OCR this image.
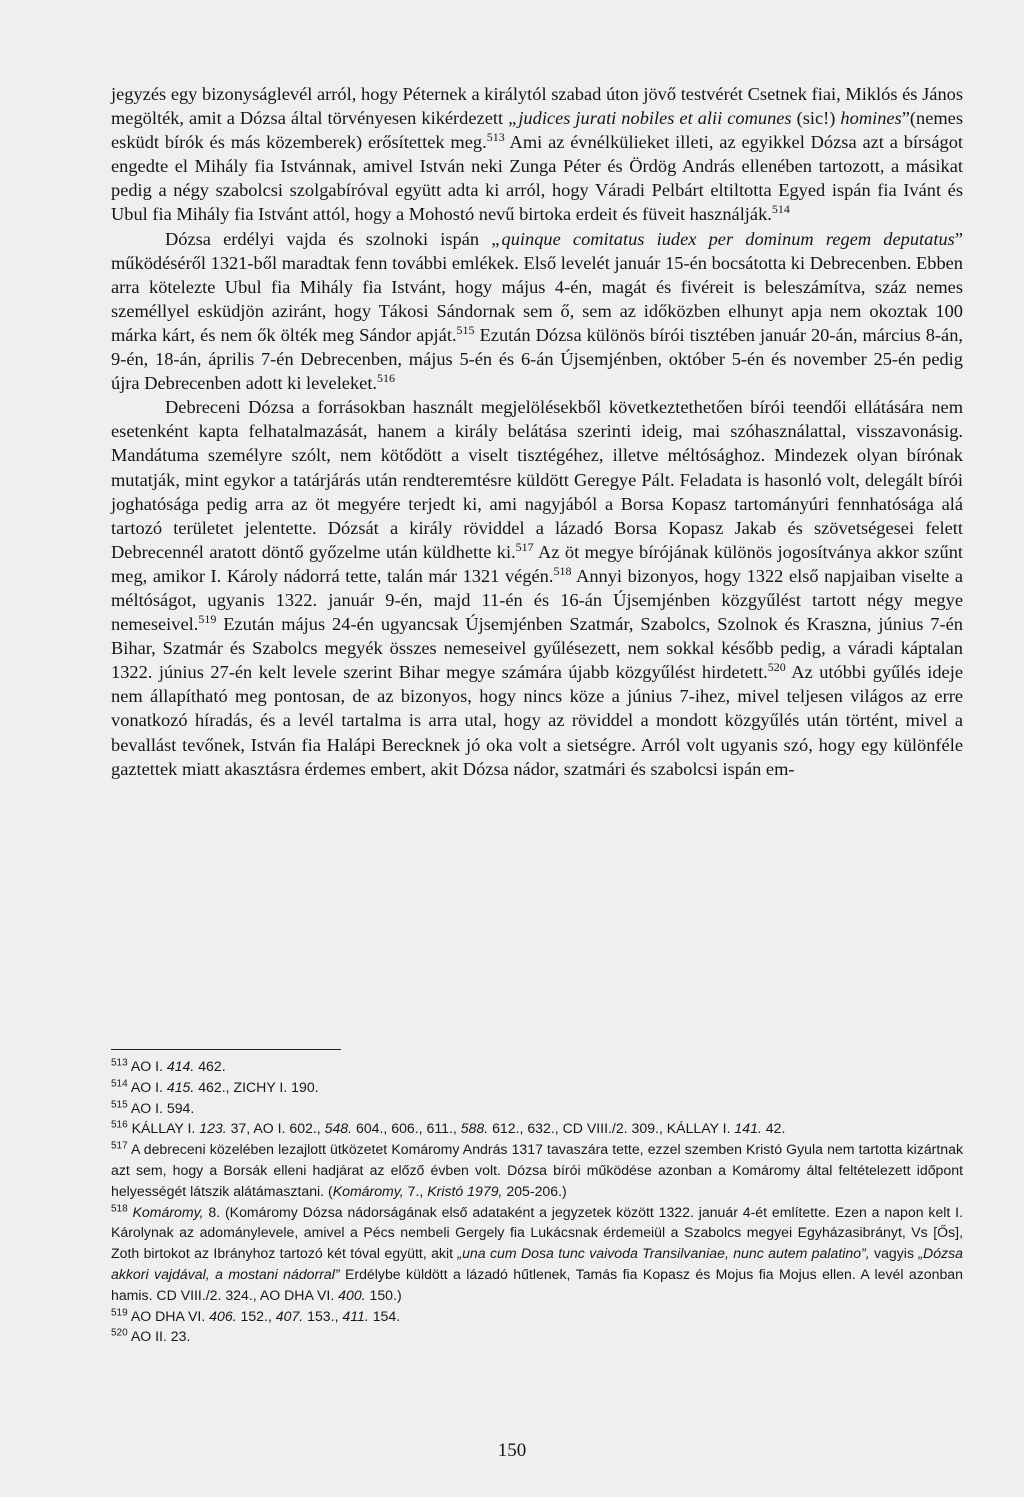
jegyzés egy bizonyságlevél arról, hogy Péternek a királytól szabad úton jövő testvérét Csetnek fiai, Miklós és János megölték, amit a Dózsa által törvényesen kikérdezett „judices jurati nobiles et alii comunes (sic!) homines”(nemes esküdt bírók és más közemberek) erősítettek meg.$^{513}$ Ami az évnélkülieket illeti, az egyikkel Dózsa azt a bírságot engedte el Mihály fia Istvánnak, amivel István neki Zunga Péter és Ördög András ellenében tartozott, a másikat pedig a négy szabolcsi szolgabíróval együtt adta ki arról, hogy Váradi Pelbárt eltiltotta Egyed ispán fia Ivánt és Ubul fia Mihály fia Istvánt attól, hogy a Mohostó nevű birtoka erdeit és füveit használják.$^{514}$

Dózsa erdélyi vajda és szolnoki ispán „quinque comitatus iudex per dominum regem deputatus” működéséről 1321-ből maradtak fenn további emlékek. Első levelét január 15-én bocsátotta ki Debrecenben. Ebben arra kötelezte Ubul fia Mihály fia Istvánt, hogy május 4-én, magát és fivéreit is beleszámítva, száz nemes személlyel esküdjön aziránt, hogy Tákosi Sándornak sem ő, sem az időközben elhunyt apja nem okoztak 100 márka kárt, és nem ők ölték meg Sándor apját.$^{515}$ Ezután Dózsa különös bírói tisztében január 20-án, március 8-án, 9-én, 18-án, április 7-én Debrecenben, május 5-én és 6-án Újsemjénben, október 5-én és november 25-én pedig újra Debrecenben adott ki leveleket.$^{516}$

Debreceni Dózsa a forrásokban használt megjelölésekből következtethetően bírói teendői ellátására nem esetenként kapta felhatalmazását, hanem a király belátása szerinti ideig, mai szóhasználattal, visszavonásig. Mandátuma személyre szólt, nem kötődött a viselt tisztégéhez, illetve méltósághoz. Mindezek olyan bírónak mutatják, mint egykor a tatárjárás után rendteremtésre küldött Geregye Pált. Feladata is hasonló volt, delegált bírói joghatósága pedig arra az öt megyére terjedt ki, ami nagyjából a Borsa Kopasz tartományúri fennhatósága alá tartozó területet jelentette. Dózsát a király röviddel a lázadó Borsa Kopasz Jakab és szövetségesei felett Debrecennél aratott döntő győzelme után küldhette ki.$^{517}$ Az öt megye bírójának különös jogosítványa akkor szűnt meg, amikor I. Károly nádorrá tette, talán már 1321 végén.$^{518}$ Annyi bizonyos, hogy 1322 első napjaiban viselte a méltóságot, ugyanis 1322. január 9-én, majd 11-én és 16-án Újsemjénben közgyűlést tartott négy megye nemeseivel.$^{519}$ Ezután május 24-én ugyancsak Újsemjénben Szatmár, Szabolcs, Szolnok és Kraszna, június 7-én Bihar, Szatmár és Szabolcs megyék összes nemeseivel gyűlésezett, nem sokkal később pedig, a váradi káptalan 1322. június 27-én kelt levele szerint Bihar megye számára újabb közgyűlést hirdetett.$^{520}$ Az utóbbi gyűlés ideje nem állapítható meg pontosan, de az bizonyos, hogy nincs köze a június 7-ihez, mivel teljesen világos az erre vonatkozó híradás, és a levél tartalma is arra utal, hogy az röviddel a mondott közgyűlés után történt, mivel a bevallást tevőnek, István fia Halápi Berecknek jó oka volt a sietségre. Arról volt ugyanis szó, hogy egy különféle gaztettek miatt akasztásra érdemes embert, akit Dózsa nádor, szatmári és szabolcsi ispán em-

$^{513}$ AO I. 414. 462.

$^{514}$ AO I. 415. 462., ZICHY I. 190.

$^{515}$ AO I. 594.

$^{516}$ KÁLLAY I. 123. 37, AO I. 602., 548. 604., 606., 611., 588. 612., 632., CD VIII./2. 309., KÁLLAY I. 141. 42.

$^{517}$ A debreceni közelében lezajlott ütközetet Komáromy András 1317 tavaszára tette, ezzel szemben Kristó Gyula nem tartotta kizártnak azt sem, hogy a Borsák elleni hadjárat az előző évben volt. Dózsa bírói működése azonban a Komáromy által feltételezett időpont helyességét látszik alátámasztani. (Komáromy, 7., Kristó 1979, 205-206.)

$^{518}$ Komáromy, 8. (Komáromy Dózsa nádorságának első adataként a jegyzetek között 1322. január 4-ét említette. Ezen a napon kelt I. Károlynak az adománylevele, amivel a Pécs nembeli Gergely fia Lukácsnak érdemeiül a Szabolcs megyei Egyházasibrányt, Vs [Ős], Zoth birtokot az Ibrányhoz tartozó két tóval együtt, akit „una cum Dosa tunc vaivoda Transilvaniae, nunc autem palatino”, vagyis „Dózsa akkori vajdával, a mostani nádorral” Erdélybe küldött a lázadó hűtlenek, Tamás fia Kopasz és Mojus fia Mojus ellen. A levél azonban hamis. CD VIII./2. 324., AO DHA VI. 400. 150.)

$^{519}$ AO DHA VI. 406. 152., 407. 153., 411. 154.

$^{520}$ AO II. 23.

150
